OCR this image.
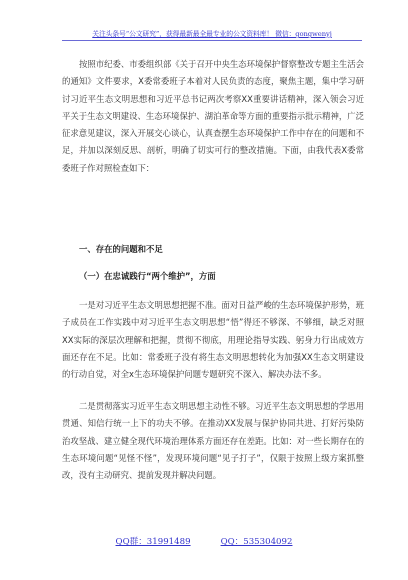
关注头条号“公文研究”，获得最新最全最专业的公文资料库！ 微信：gongwenyj
按照市纪委、市委组织部《关于召开中央生态环境保护督察整改专题主生活会的通知》文件要求，X委常委班子本着对人民负责的态度，聚焦主题，集中学习研讨习近平生态文明思想和习近平总书记两次考察XX重要讲话精神，深入领会习近平关于生态文明建设、生态环境保护、湖泊革命等方面的重要指示批示精神，广泛征求意见建议，深入开展交心谈心，认真查摆生态环境保护工作中存在的问题和不足，并加以深刻反思、剖析，明确了切实可行的整改措施。下面，由我代表X委常委班子作对照检查如下：
一、存在的问题和不足
（一）在忠诚践行“两个维护”，方面
一是对习近平生态文明思想把握不准。面对日益严峻的生态环境保护形势，班子成员在工作实践中对习近平生态文明思想“悟”得还不够深、不够细，缺乏对照XX实际的深层次理解和把握，贯彻不彻底，用理论指导实践、躬身力行出成效方面还存在不足。比如：常委班子没有将生态文明思想转化为加强XX生态文明建设的行动自觉，对全x生态环境保护问题专题研究不深入、解决办法不多。
二是贯彻落实习近平生态文明思想主动性不够。习近平生态文明思想的学思用贯通、知信行统一上下的功夫不够。在推动XX发展与保护协同共进、打好污染防治攻坚战、建立健全现代环境治理体系方面还存在差距。比如：对一些长期存在的生态环境问题“见怪不怪”，发现环境问题“见子打子”，仅限于按照上级方案抓整改，没有主动研究、提前发现并解决问题。
QQ群：31991489	QQ：535304092
